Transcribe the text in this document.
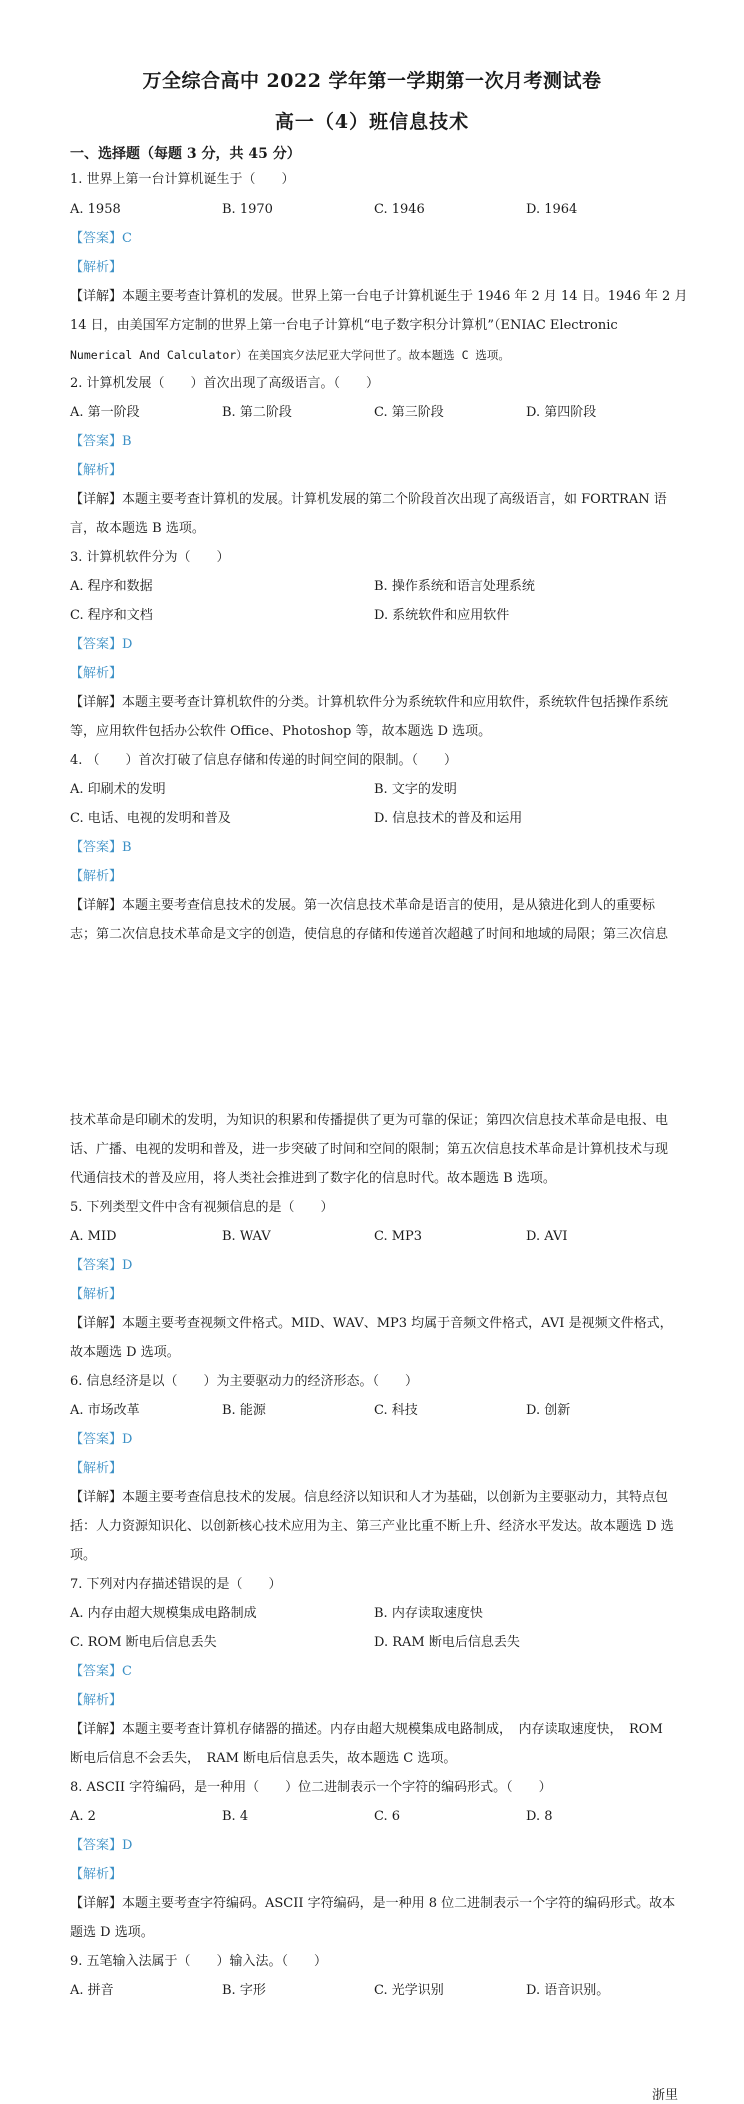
万全综合高中 2022 学年第一学期第一次月考测试卷
高一（4）班信息技术
一、选择题（每题 3 分，共 45 分）
1. 世界上第一台计算机诞生于（　　）
A. 1958	B. 1970	C. 1946	D. 1964
【答案】C
【解析】
【详解】本题主要考查计算机的发展。世界上第一台电子计算机诞生于 1946 年 2 月 14 日。1946 年 2 月
14 日，由美国军方定制的世界上第一台电子计算机“电子数字积分计算机”（ENIAC Electronic
Numerical And Calculator）在美国宾夕法尼亚大学问世了。故本题选 C 选项。
2. 计算机发展（　　）首次出现了高级语言。（　　）
A. 第一阶段	B. 第二阶段	C. 第三阶段	D. 第四阶段
【答案】B
【解析】
【详解】本题主要考查计算机的发展。计算机发展的第二个阶段首次出现了高级语言，如 FORTRAN 语
言，故本题选 B 选项。
3. 计算机软件分为（　　）
A. 程序和数据	B. 操作系统和语言处理系统
C. 程序和文档	D. 系统软件和应用软件
【答案】D
【解析】
【详解】本题主要考查计算机软件的分类。计算机软件分为系统软件和应用软件，系统软件包括操作系统
等，应用软件包括办公软件 Office、Photoshop 等，故本题选 D 选项。
4. （　　）首次打破了信息存储和传递的时间空间的限制。（　　）
A. 印刷术的发明	B. 文字的发明
C. 电话、电视的发明和普及	D. 信息技术的普及和运用
【答案】B
【解析】
【详解】本题主要考查信息技术的发展。第一次信息技术革命是语言的使用，是从猿进化到人的重要标
志；第二次信息技术革命是文字的创造，使信息的存储和传递首次超越了时间和地域的局限；第三次信息
技术革命是印刷术的发明，为知识的积累和传播提供了更为可靠的保证；第四次信息技术革命是电报、电
话、广播、电视的发明和普及，进一步突破了时间和空间的限制；第五次信息技术革命是计算机技术与现
代通信技术的普及应用，将人类社会推进到了数字化的信息时代。故本题选 B 选项。
5. 下列类型文件中含有视频信息的是（　　）
A. MID	B. WAV	C. MP3	D. AVI
【答案】D
【解析】
【详解】本题主要考查视频文件格式。MID、WAV、MP3 均属于音频文件格式，AVI 是视频文件格式，
故本题选 D 选项。
6. 信息经济是以（　　）为主要驱动力的经济形态。（　　）
A. 市场改革	B. 能源	C. 科技	D. 创新
【答案】D
【解析】
【详解】本题主要考查信息技术的发展。信息经济以知识和人才为基础，以创新为主要驱动力，其特点包
括：人力资源知识化、以创新核心技术应用为主、第三产业比重不断上升、经济水平发达。故本题选 D 选
项。
7. 下列对内存描述错误的是（　　）
A. 内存由超大规模集成电路制成	B. 内存读取速度快
C. ROM 断电后信息丢失	D. RAM 断电后信息丢失
【答案】C
【解析】
【详解】本题主要考查计算机存储器的描述。内存由超大规模集成电路制成，　内存读取速度快，　ROM
断电后信息不会丢失，　RAM 断电后信息丢失，故本题选 C 选项。
8. ASCII 字符编码，是一种用（　　）位二进制表示一个字符的编码形式。（　　）
A. 2	B. 4	C. 6	D. 8
【答案】D
【解析】
【详解】本题主要考查字符编码。ASCII 字符编码，是一种用 8 位二进制表示一个字符的编码形式。故本
题选 D 选项。
9. 五笔输入法属于（　　）输入法。（　　）
A. 拼音	B. 字形	C. 光学识别	D. 语音识别。
浙里
